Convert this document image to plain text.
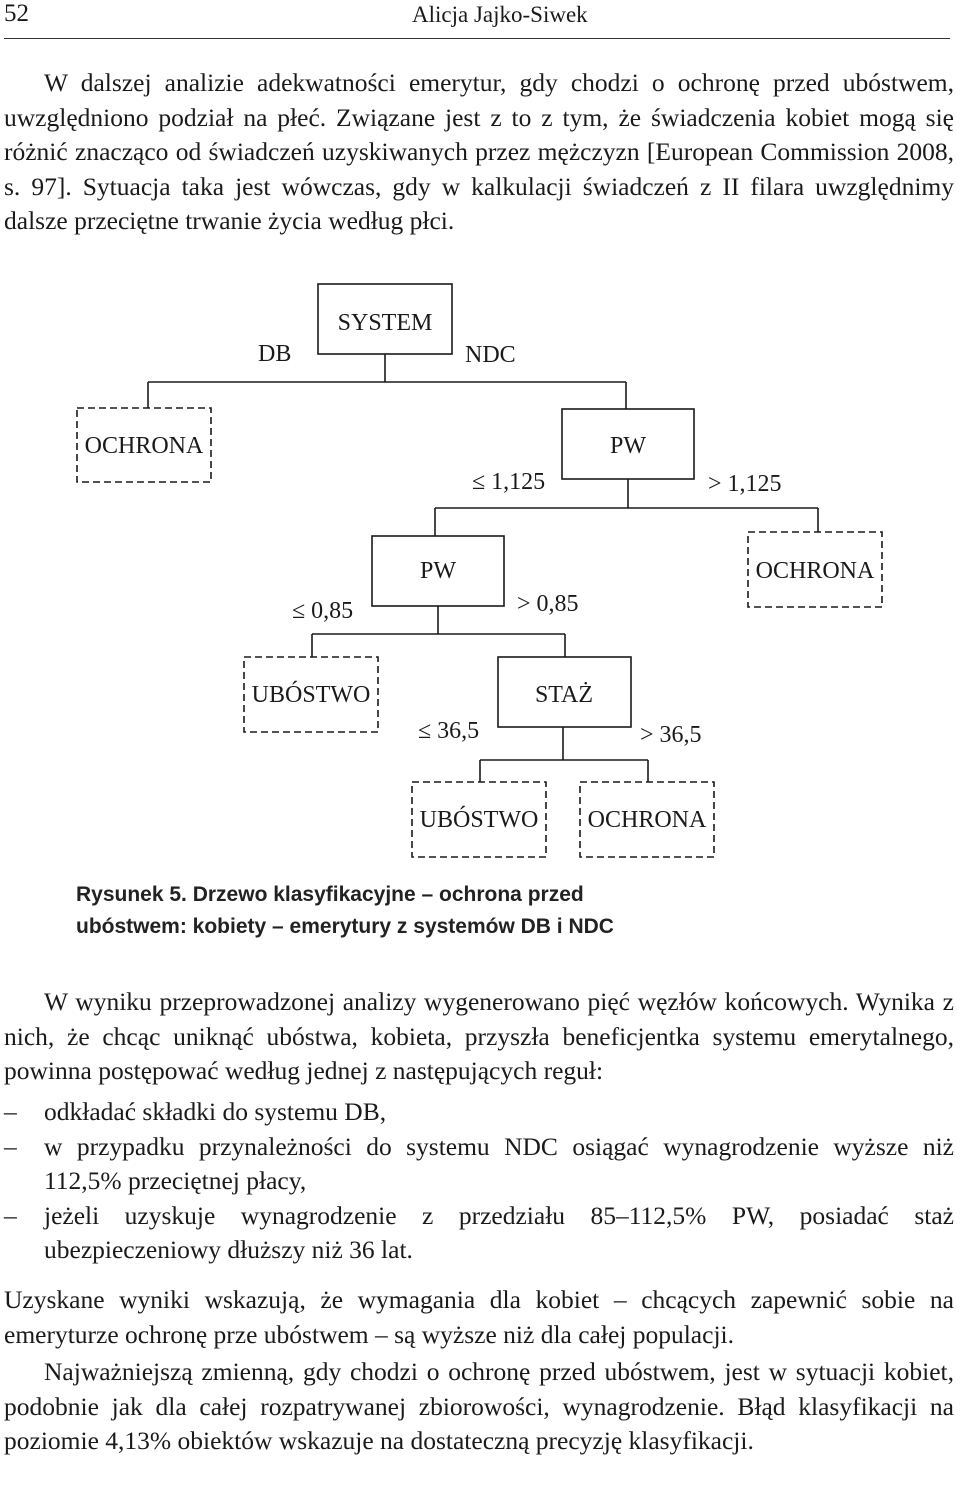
52	Alicja Jajko-Siwek

W dalszej analizie adekwatności emerytur, gdy chodzi o ochronę przed ubóstwem, uwzględniono podział na płeć. Związane jest z to z tym, że świadczenia kobiet mogą się różnić znacząco od świadczeń uzyskiwanych przez mężczyzn [European Commission 2008, s. 97]. Sytuacja taka jest wówczas, gdy w kalkulacji świadczeń z II filara uwzględnimy dalsze przeciętne trwanie życia według płci.

SYSTEM
DB	NDC
OCHRONA	PW
≤ 1,125	> 1,125
PW	OCHRONA
≤ 0,85	> 0,85
UBÓSTWO	STAŻ
≤ 36,5	> 36,5
UBÓSTWO OCHRONA
Rysunek 5. Drzewo klasyfikacyjne – ochrona przed
ubóstwem: kobiety – emerytury z systemów DB i NDC

W wyniku przeprowadzonej analizy wygenerowano pięć węzłów końcowych. Wynika z nich, że chcąc uniknąć ubóstwa, kobieta, przyszła beneficjentka systemu emerytalnego, powinna postępować według jednej z następujących reguł:

– odkładać składki do systemu DB,
– w przypadku przynależności do systemu NDC osiągać wynagrodzenie wyższe niż 112,5% przeciętnej płacy,
– jeżeli uzyskuje wynagrodzenie z przedziału 85–112,5% PW, posiadać staż ubezpieczeniowy dłuższy niż 36 lat.

Uzyskane wyniki wskazują, że wymagania dla kobiet – chcących zapewnić sobie na emeryturze ochronę prze ubóstwem – są wyższe niż dla całej populacji.

Najważniejszą zmienną, gdy chodzi o ochronę przed ubóstwem, jest w sytuacji kobiet, podobnie jak dla całej rozpatrywanej zbiorowości, wynagrodzenie. Błąd klasyfikacji na poziomie 4,13% obiektów wskazuje na dostateczną precyzję klasyfikacji.
